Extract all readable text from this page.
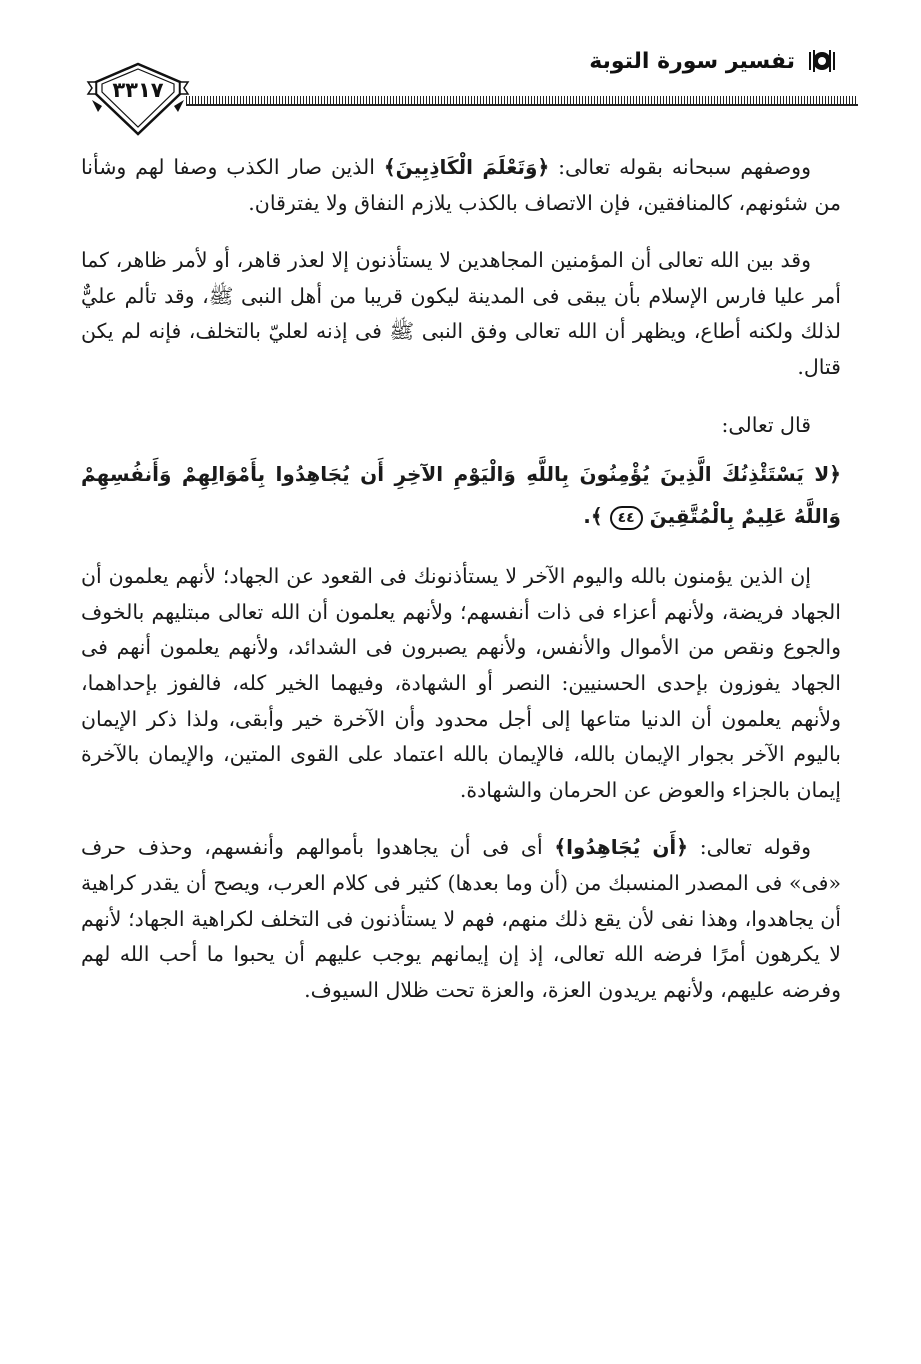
تفسير سورة التوبة
٣٣١٧

ووصفهم سبحانه بقوله تعالى: ﴿وَتَعْلَمَ الْكَاذِبِينَ﴾ الذين صار الكذب وصفا لهم وشأنا من شئونهم، كالمنافقين، فإن الاتصاف بالكذب يلازم النفاق ولا يفترقان.

وقد بين الله تعالى أن المؤمنين المجاهدين لا يستأذنون إلا لعذر قاهر، أو لأمر ظاهر، كما أمر عليا فارس الإسلام بأن يبقى فى المدينة ليكون قريبا من أهل النبى ﷺ، وقد تألم عليٌّ لذلك ولكنه أطاع، ويظهر أن الله تعالى وفق النبى ﷺ فى إذنه لعليّ بالتخلف، فإنه لم يكن قتال.

قال تعالى:

﴿لا يَسْتَئْذِنُكَ الَّذِينَ يُؤْمِنُونَ بِاللَّهِ وَالْيَوْمِ الآخِرِ أَن يُجَاهِدُوا بِأَمْوَالِهِمْ وَأَنفُسِهِمْ وَاللَّهُ عَلِيمٌ بِالْمُتَّقِينَ ٤٤ ﴾.

إن الذين يؤمنون بالله واليوم الآخر لا يستأذنونك فى القعود عن الجهاد؛ لأنهم يعلمون أن الجهاد فريضة، ولأنهم أعزاء فى ذات أنفسهم؛ ولأنهم يعلمون أن الله تعالى مبتليهم بالخوف والجوع ونقص من الأموال والأنفس، ولأنهم يصبرون فى الشدائد، ولأنهم يعلمون أنهم فى الجهاد يفوزون بإحدى الحسنيين: النصر أو الشهادة، وفيهما الخير كله، فالفوز بإحداهما، ولأنهم يعلمون أن الدنيا متاعها إلى أجل محدود وأن الآخرة خير وأبقى، ولذا ذكر الإيمان باليوم الآخر بجوار الإيمان بالله، فالإيمان بالله اعتماد على القوى المتين، والإيمان بالآخرة إيمان بالجزاء والعوض عن الحرمان والشهادة.

وقوله تعالى: ﴿أَن يُجَاهِدُوا﴾ أى فى أن يجاهدوا بأموالهم وأنفسهم، وحذف حرف «فى» فى المصدر المنسبك من (أن وما بعدها) كثير فى كلام العرب، ويصح أن يقدر كراهية أن يجاهدوا، وهذا نفى لأن يقع ذلك منهم، فهم لا يستأذنون فى التخلف لكراهية الجهاد؛ لأنهم لا يكرهون أمرًا فرضه الله تعالى، إذ إن إيمانهم يوجب عليهم أن يحبوا ما أحب الله لهم وفرضه عليهم، ولأنهم يريدون العزة، والعزة تحت ظلال السيوف.
